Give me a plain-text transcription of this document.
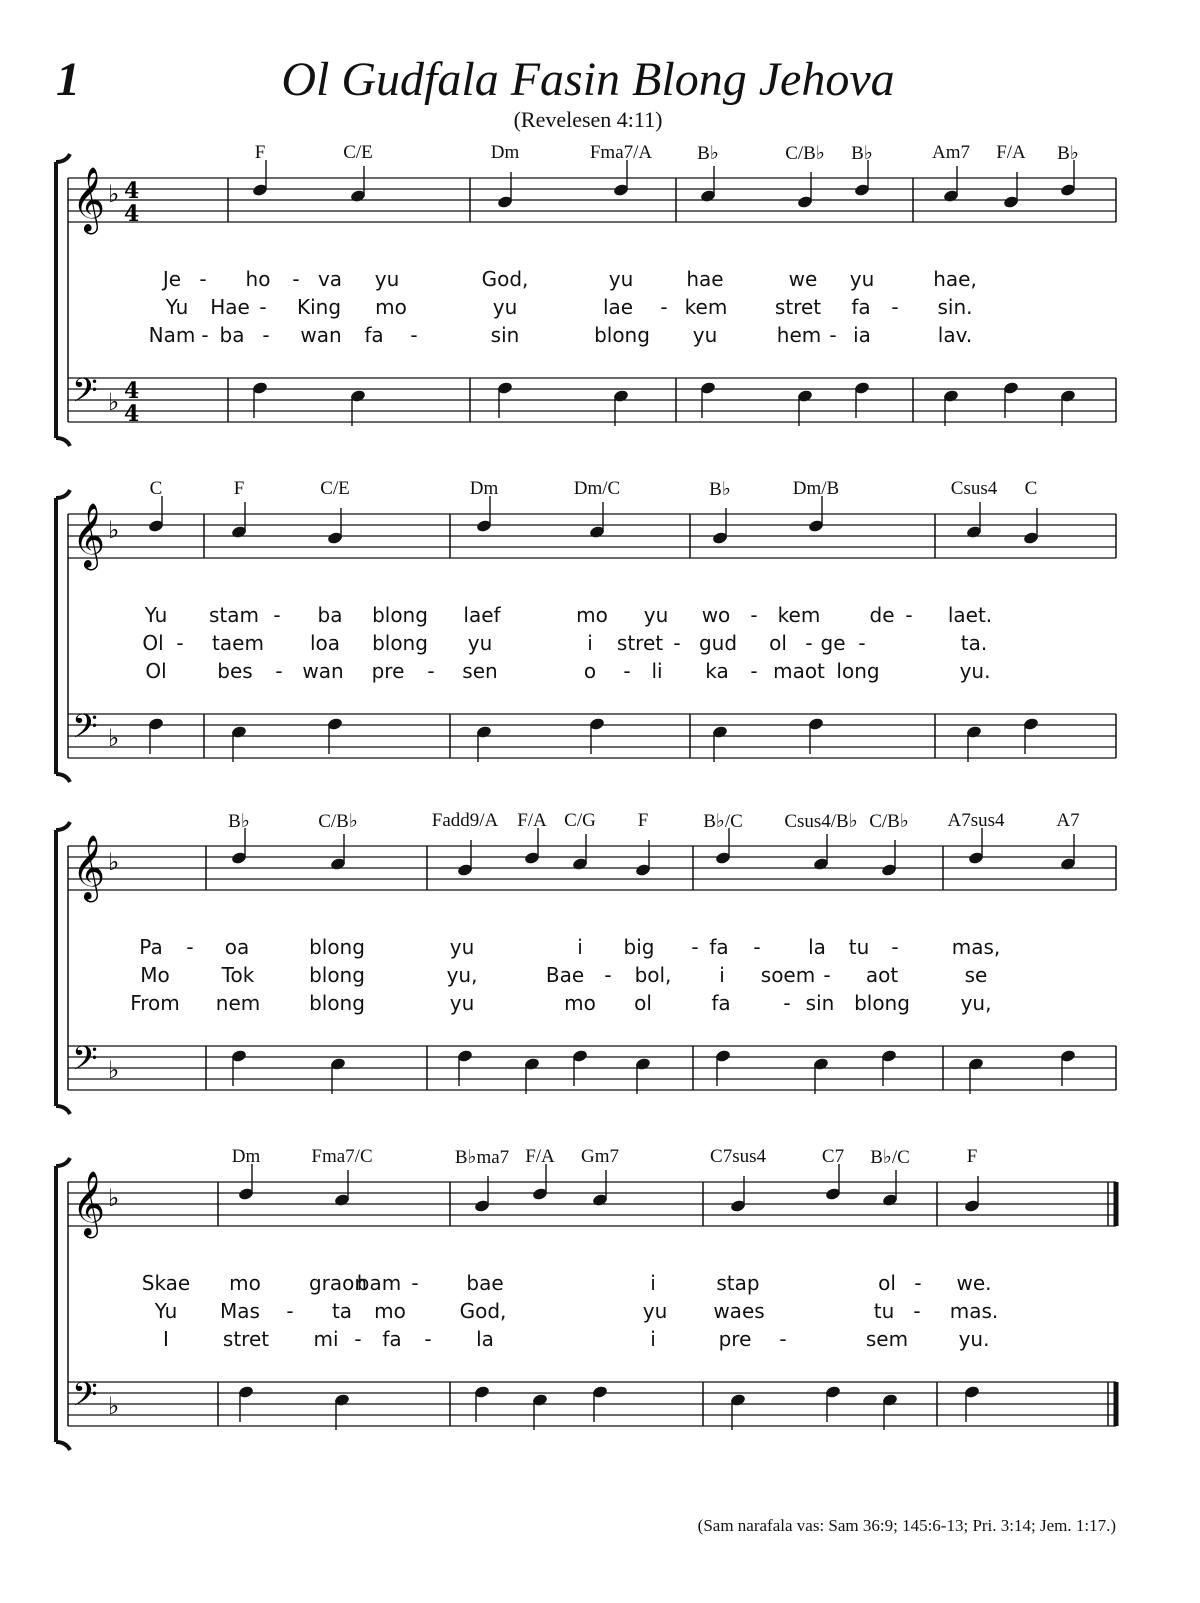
1	Ol Gudfala Fasin Blong Jehova
(Revelesen 4:11)
𝄞 ♭
𝄢 ♭
4
4
4
4
F	C/E	Dm	Fma7/A B♭	C/B♭ B♭	Am7 F/A B♭
Je - ho - va yu	God,	yu	hae	we yu	hae,
Yu Hae - King mo	yu	lae - kem stret fa - sin.
Nam - ba - wan fa -	sin	blong yu	hem - ia	lav.
𝄞 ♭
𝄢 ♭
C	F	C/E	Dm	Dm/C	B♭	Dm/B	Csus4 C
Yu stam - ba blong laef	mo yu wo - kem de - laet.
Ol - taem loa blong yu	i stret - gud ol - ge -	ta.
Ol	bes - wan pre - sen	o - li ka - maot long	yu.
𝄞 ♭
𝄢 ♭
B♭	C/B♭	Fadd9/A F/A C/G F	B♭/C Csus4/B♭ C/B♭ A7sus4	A7
Pa - oa	blong	yu	i big - fa - la tu -	mas,
Mo	Tok	blong	yu,	Bae - bol, i soem - aot	se
From nem blong	yu	mo ol	fa	- sin blong	yu,
𝄞 ♭
𝄢 ♭
Dm	Fma7/C	B♭ma7 F/A Gm7	C7sus4	C7 B♭/C	F
Skae mo graon
bam - bae	i	stap	ol - we.
Yu Mas - ta mo	God,	yu waes	tu - mas.
I	stret mi - fa - la	i	pre -	sem	yu.
(Sam narafala vas: Sam 36:9; 145:6-13; Pri. 3:14; Jem. 1:17.)
